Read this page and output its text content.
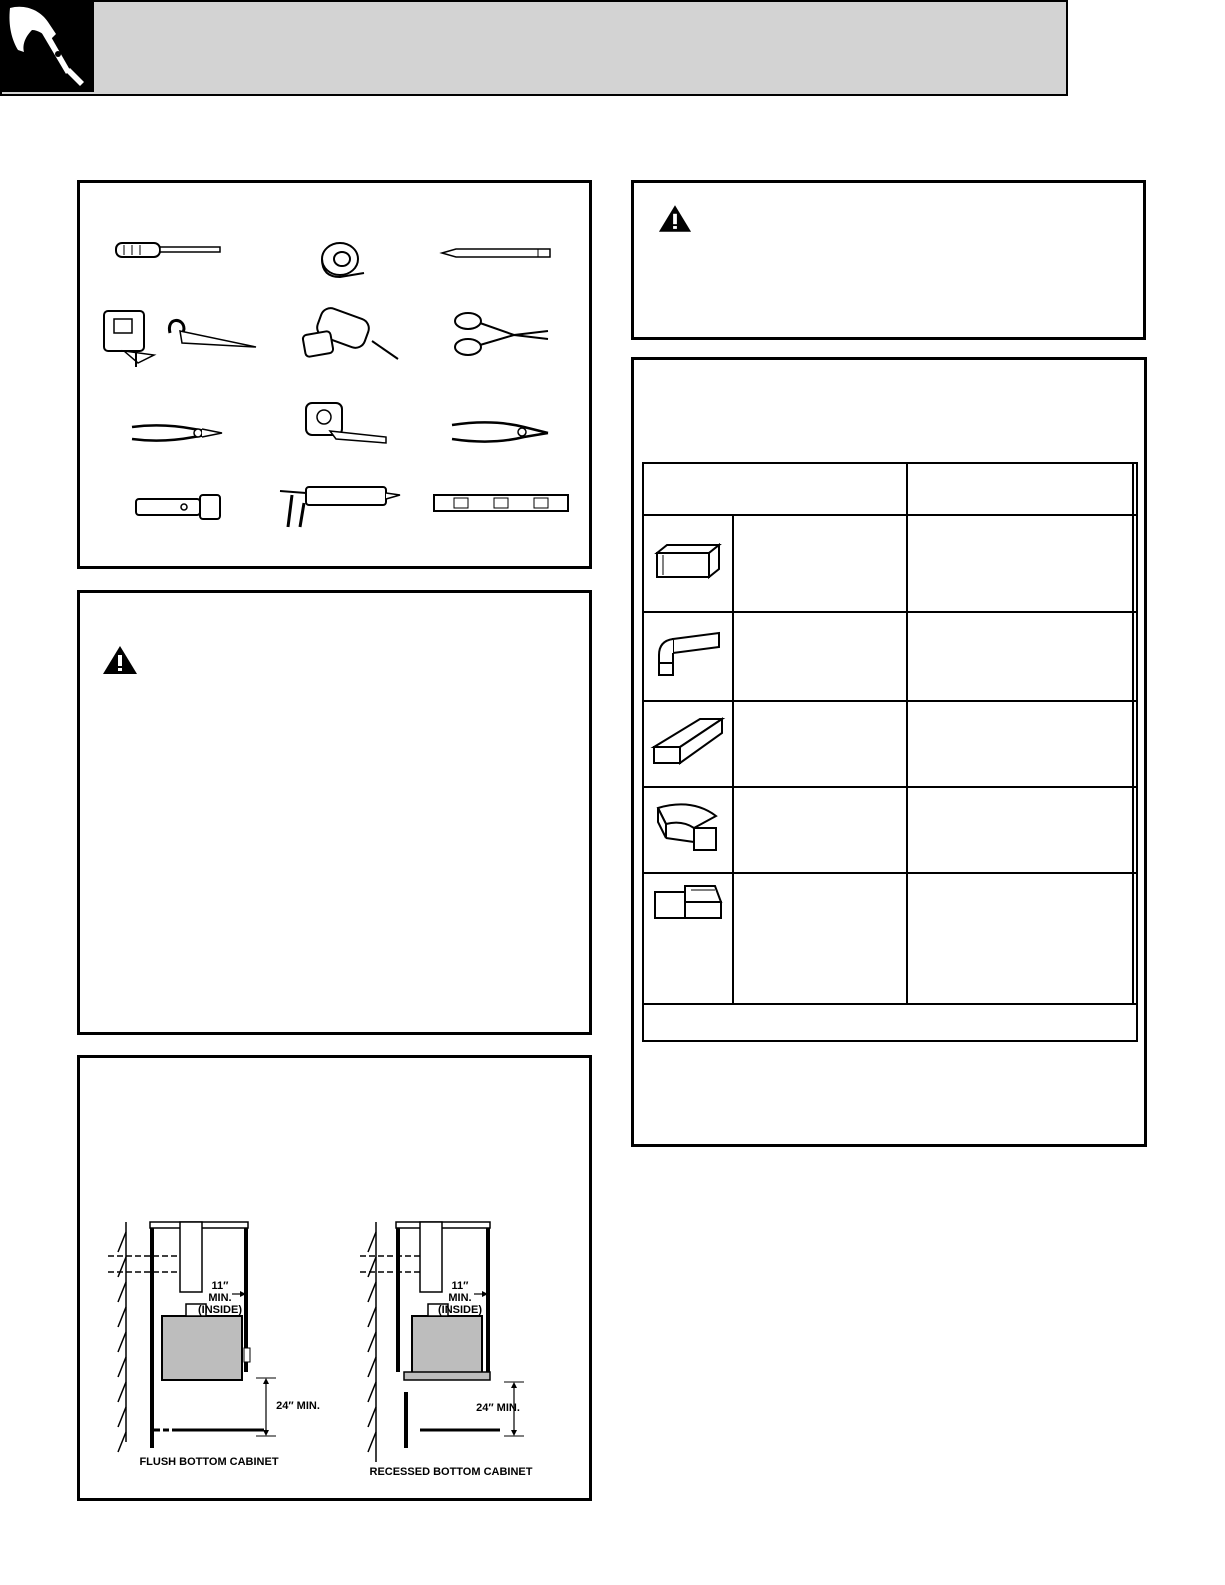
11″
MIN.
(INSIDE)
24″ MIN.
FLUSH BOTTOM CABINET
11″
MIN.
(INSIDE)
24″ MIN.
RECESSED BOTTOM CABINET
